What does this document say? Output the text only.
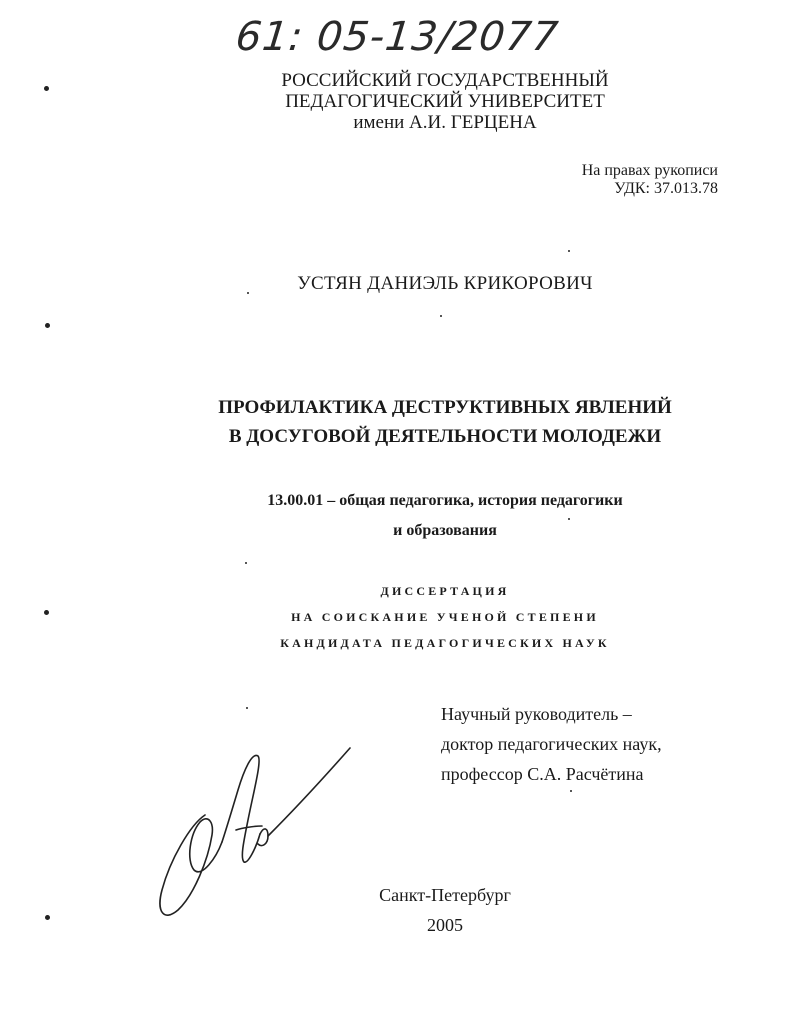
61: 05-13/2077
РОССИЙСКИЙ ГОСУДАРСТВЕННЫЙ
ПЕДАГОГИЧЕСКИЙ УНИВЕРСИТЕТ
имени А.И. ГЕРЦЕНА
На правах рукописи
УДК: 37.013.78
УСТЯН ДАНИЭЛЬ КРИКОРОВИЧ
ПРОФИЛАКТИКА ДЕСТРУКТИВНЫХ ЯВЛЕНИЙ
В ДОСУГОВОЙ ДЕЯТЕЛЬНОСТИ МОЛОДЕЖИ
13.00.01 – общая педагогика, история педагогики
и образования
ДИССЕРТАЦИЯ
НА СОИСКАНИЕ УЧЕНОЙ СТЕПЕНИ
КАНДИДАТА ПЕДАГОГИЧЕСКИХ НАУК
Научный руководитель –
доктор педагогических наук,
профессор С.А. Расчётина
Санкт-Петербург
2005
